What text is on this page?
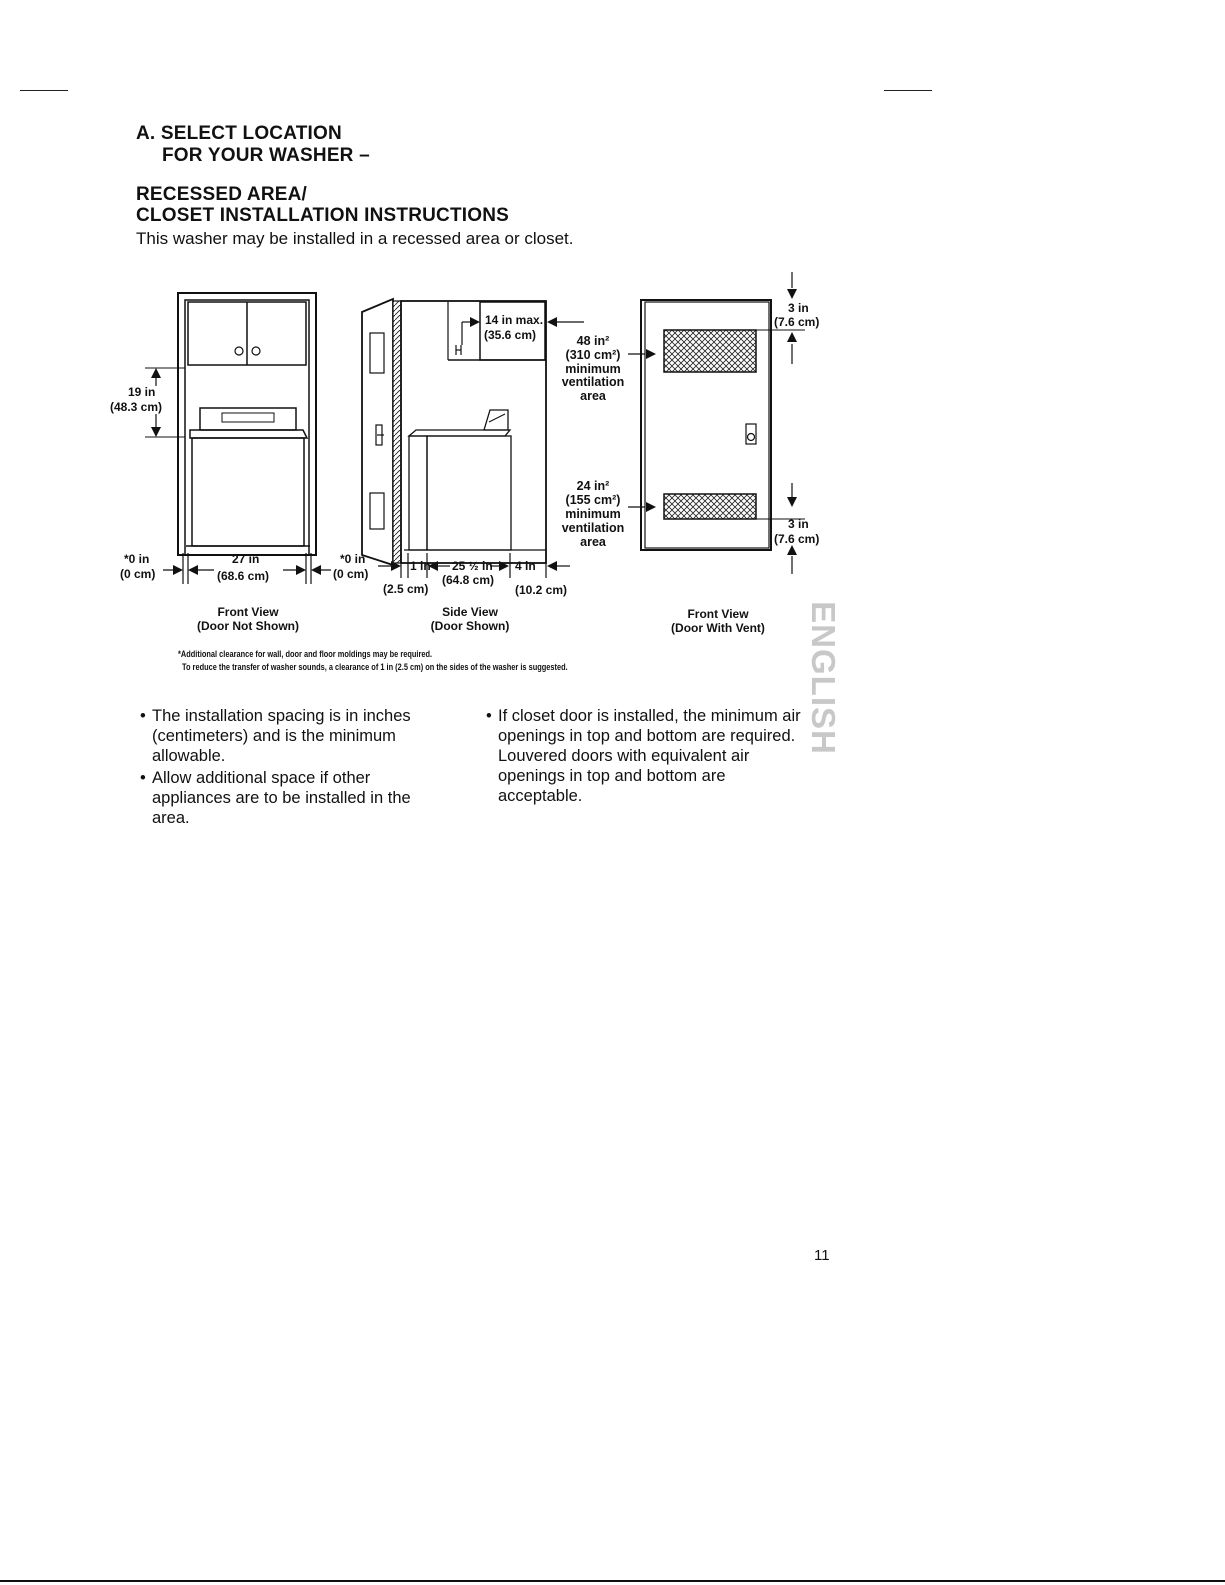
A. SELECT LOCATION
FOR YOUR WASHER –
RECESSED AREA/
CLOSET INSTALLATION INSTRUCTIONS
This washer may be installed in a recessed area or closet.
19 in
(48.3 cm)
*0 in
(0 cm)
27 in
(68.6 cm)
14 in max.
(35.6 cm)
*0 in
(0 cm)
1 in
(2.5 cm)
25 ½ in
(64.8 cm)
4 in
(10.2 cm)
48 in²
(310 cm²)
minimum
ventilation
area
24 in²
(155 cm²)
minimum
ventilation
area
3 in
(7.6 cm)
3 in
(7.6 cm)
Front View
(Door Not Shown)
Side View
(Door Shown)
Front View
(Door With Vent)
*Additional clearance for wall, door and floor moldings may be required.
To reduce the transfer of washer sounds, a clearance of 1 in (2.5 cm) on the sides of the washer is suggested.
• The installation spacing is in inches (centimeters) and is the minimum allowable.
• Allow additional space if other appliances are to be installed in the area.
• If closet door is installed, the minimum air openings in top and bottom are required. Louvered doors with equivalent air openings in top and bottom are acceptable.
ENGLISH
11
